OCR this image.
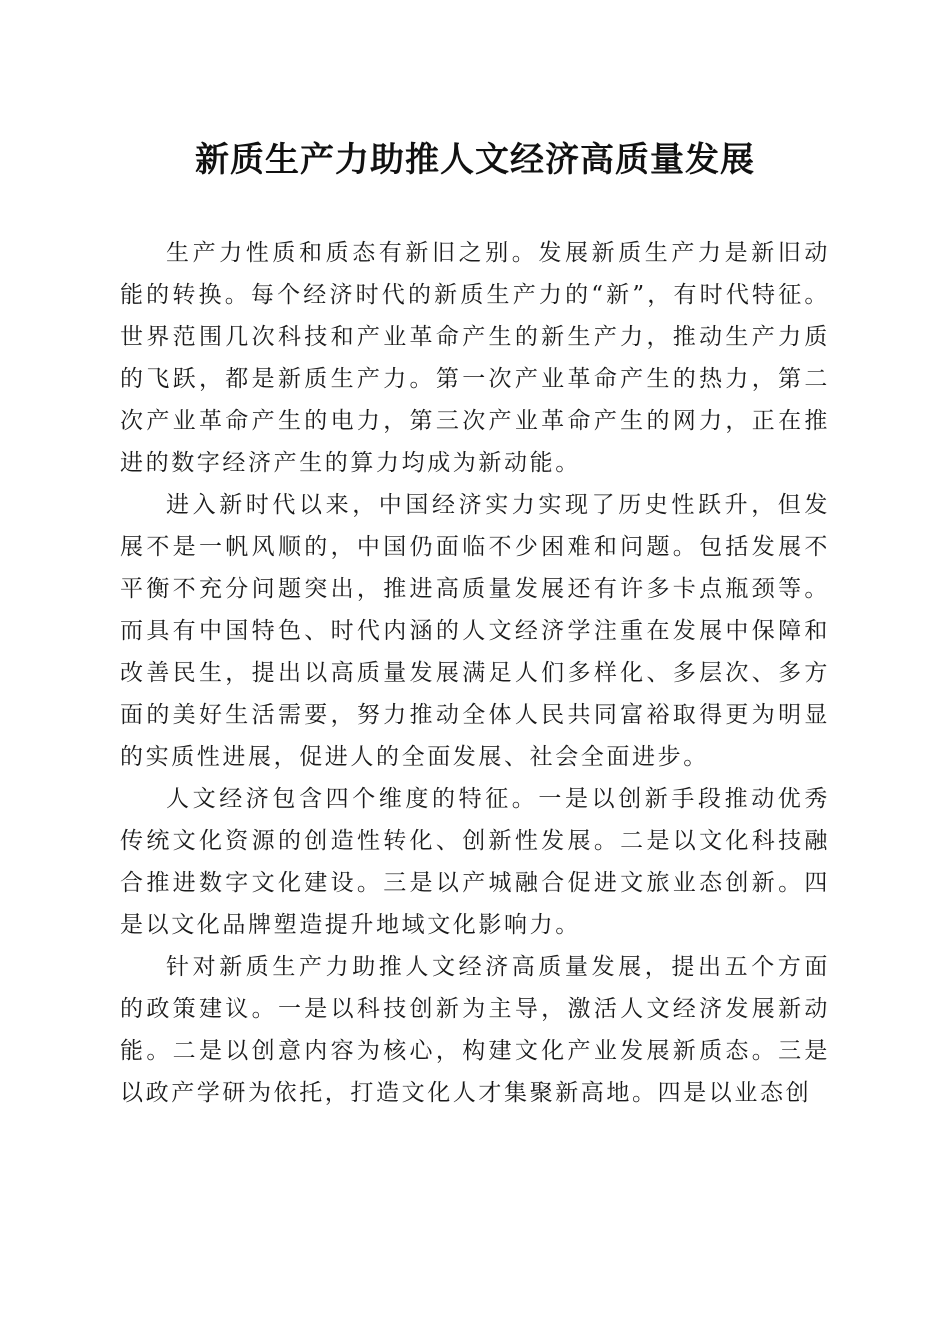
新质生产力助推人文经济高质量发展

生产力性质和质态有新旧之别。发展新质生产力是新旧动能的转换。每个经济时代的新质生产力的“新”，有时代特征。世界范围几次科技和产业革命产生的新生产力，推动生产力质的飞跃，都是新质生产力。第一次产业革命产生的热力，第二次产业革命产生的电力，第三次产业革命产生的网力，正在推进的数字经济产生的算力均成为新动能。

进入新时代以来，中国经济实力实现了历史性跃升，但发展不是一帆风顺的，中国仍面临不少困难和问题。包括发展不平衡不充分问题突出，推进高质量发展还有许多卡点瓶颈等。而具有中国特色、时代内涵的人文经济学注重在发展中保障和改善民生，提出以高质量发展满足人们多样化、多层次、多方面的美好生活需要，努力推动全体人民共同富裕取得更为明显的实质性进展，促进人的全面发展、社会全面进步。

人文经济包含四个维度的特征。一是以创新手段推动优秀传统文化资源的创造性转化、创新性发展。二是以文化科技融合推进数字文化建设。三是以产城融合促进文旅业态创新。四是以文化品牌塑造提升地域文化影响力。

针对新质生产力助推人文经济高质量发展，提出五个方面的政策建议。一是以科技创新为主导，激活人文经济发展新动能。二是以创意内容为核心，构建文化产业发展新质态。三是以政产学研为依托，打造文化人才集聚新高地。四是以业态创
